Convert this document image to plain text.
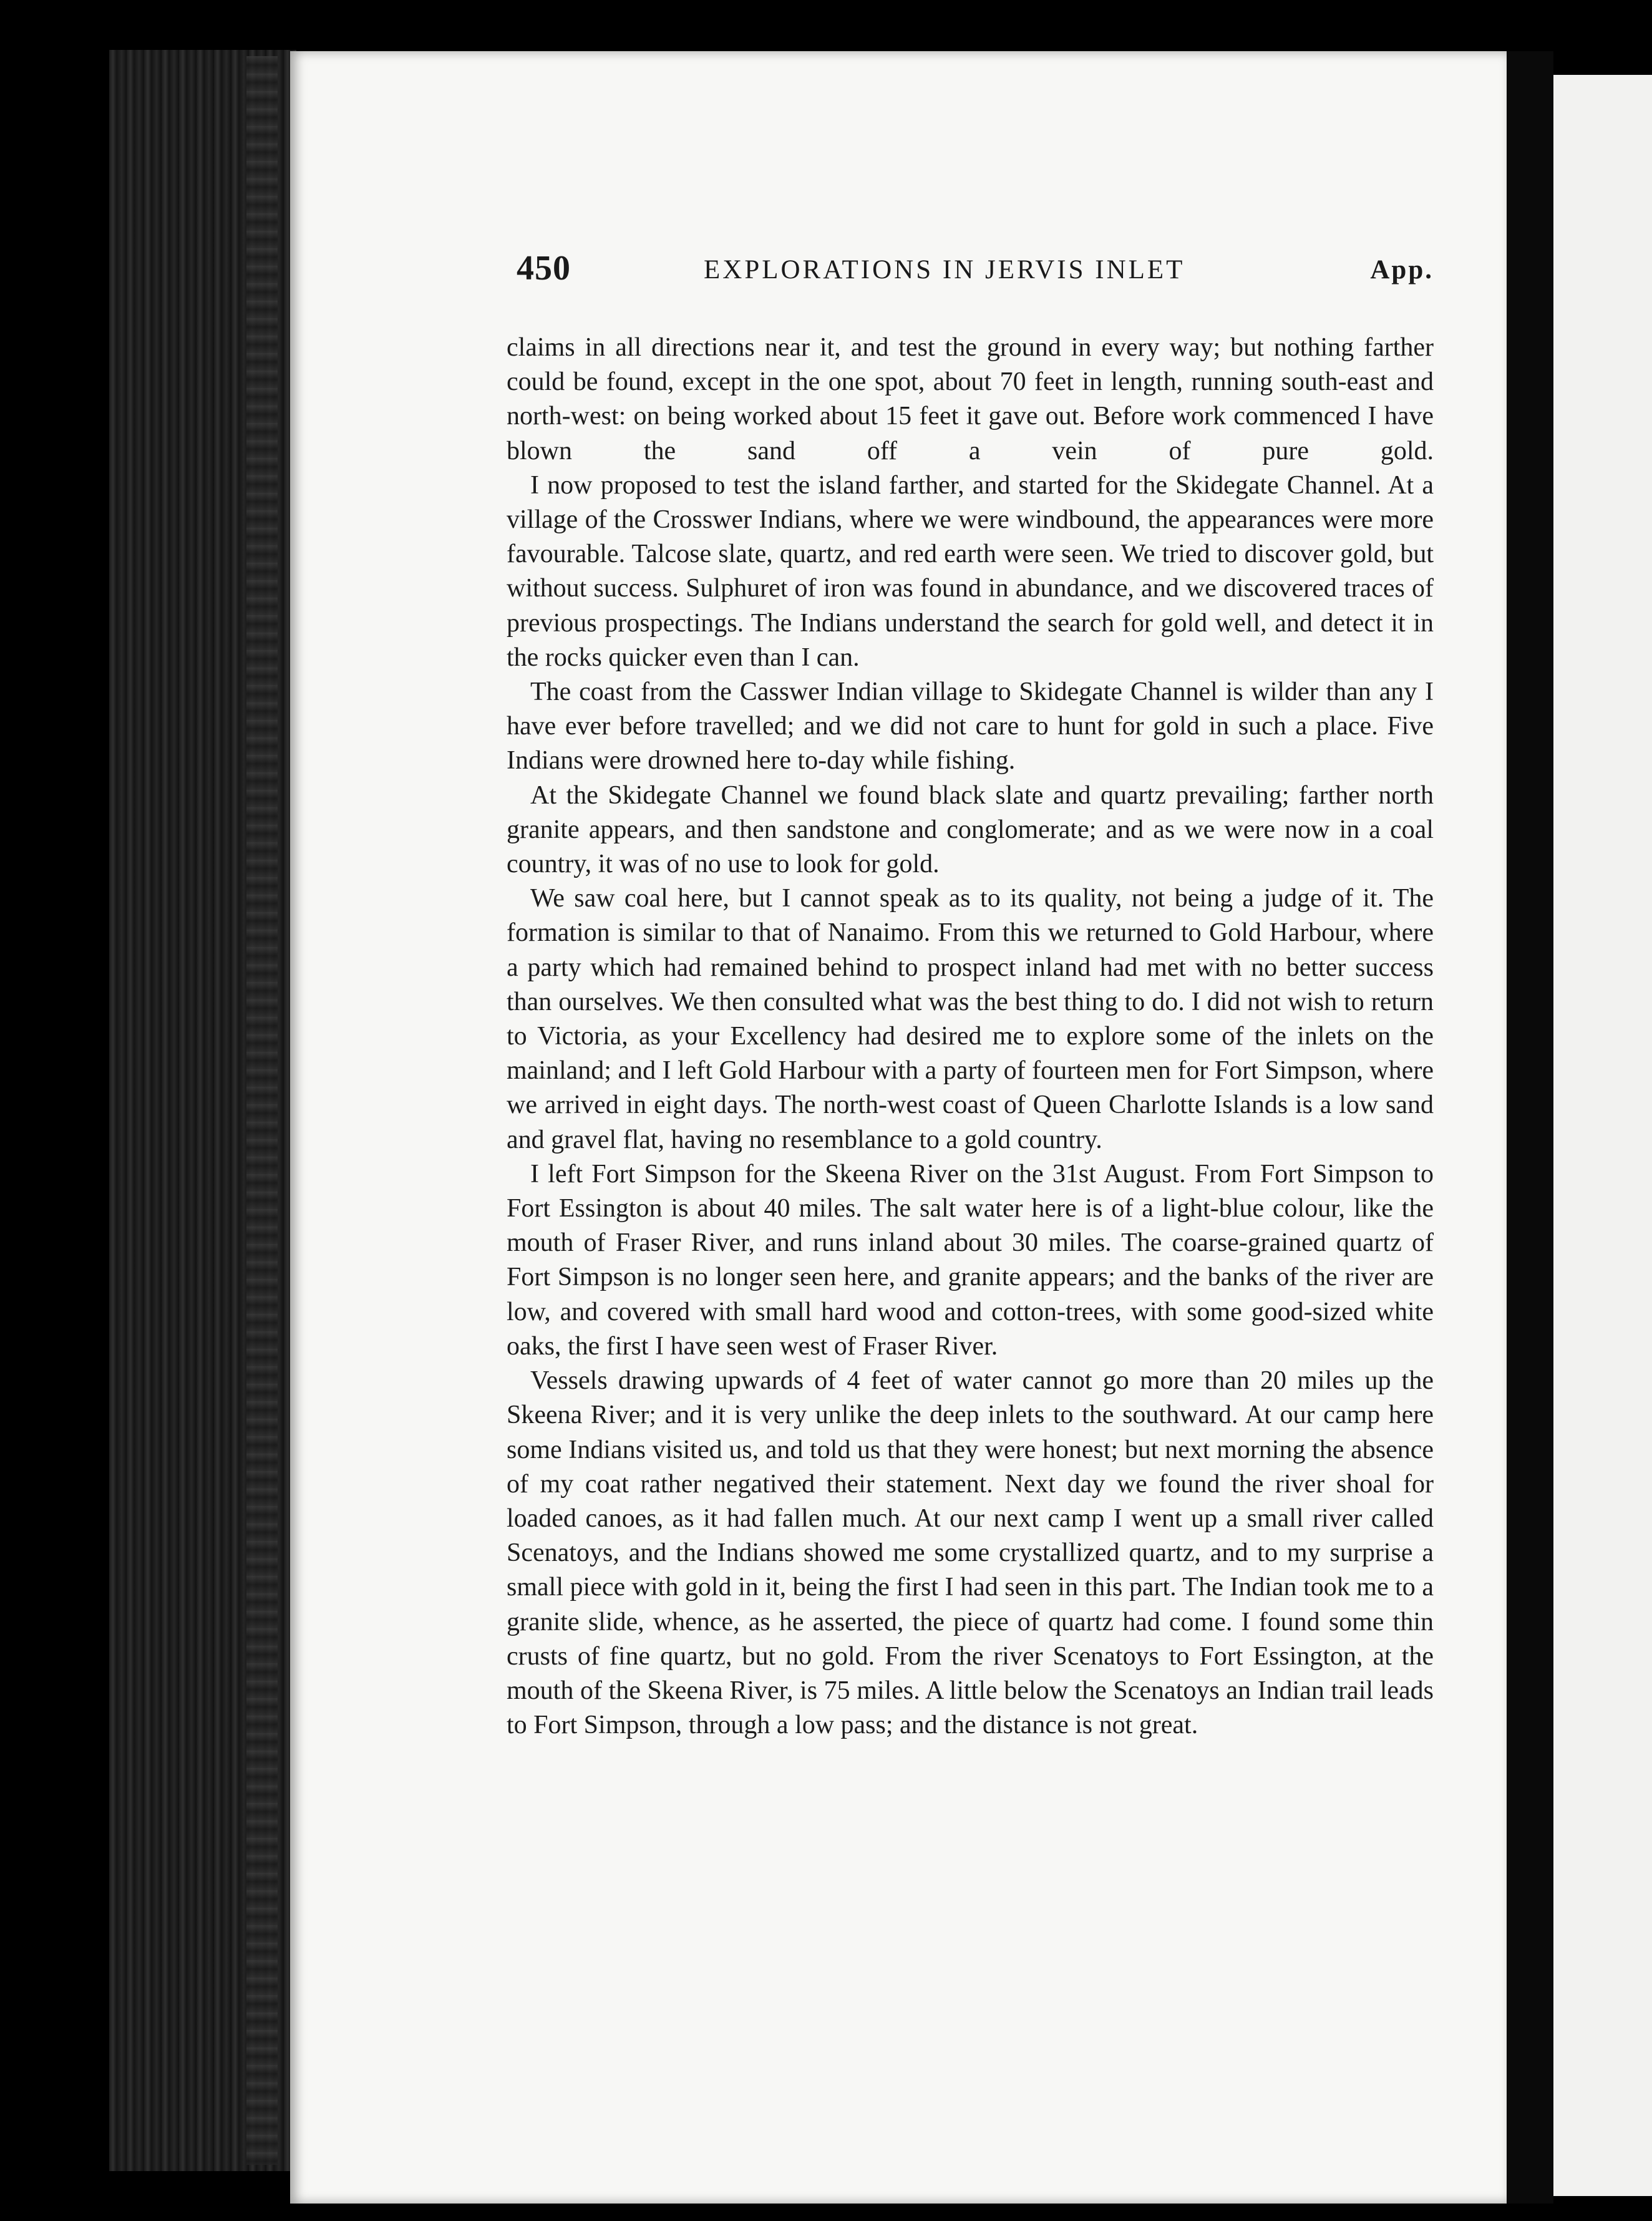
450	EXPLORATIONS IN JERVIS INLET	App.

claims in all directions near it, and test the ground in every way; but nothing farther could be found, except in the one spot, about 70 feet in length, running south-east and north-west: on being worked about 15 feet it gave out. Before work commenced I have blown the sand off a vein of pure gold.

I now proposed to test the island farther, and started for the Skidegate Channel. At a village of the Crosswer Indians, where we were windbound, the appearances were more favourable. Talcose slate, quartz, and red earth were seen. We tried to discover gold, but without success. Sulphuret of iron was found in abundance, and we discovered traces of previous prospectings. The Indians understand the search for gold well, and detect it in the rocks quicker even than I can.

The coast from the Casswer Indian village to Skidegate Channel is wilder than any I have ever before travelled; and we did not care to hunt for gold in such a place. Five Indians were drowned here to-day while fishing.

At the Skidegate Channel we found black slate and quartz prevailing; farther north granite appears, and then sandstone and conglomerate; and as we were now in a coal country, it was of no use to look for gold.

We saw coal here, but I cannot speak as to its quality, not being a judge of it. The formation is similar to that of Nanaimo. From this we returned to Gold Harbour, where a party which had remained behind to prospect inland had met with no better success than ourselves. We then consulted what was the best thing to do. I did not wish to return to Victoria, as your Excellency had desired me to explore some of the inlets on the mainland; and I left Gold Harbour with a party of fourteen men for Fort Simpson, where we arrived in eight days. The north-west coast of Queen Charlotte Islands is a low sand and gravel flat, having no resemblance to a gold country.

I left Fort Simpson for the Skeena River on the 31st August. From Fort Simpson to Fort Essington is about 40 miles. The salt water here is of a light-blue colour, like the mouth of Fraser River, and runs inland about 30 miles. The coarse-grained quartz of Fort Simpson is no longer seen here, and granite appears; and the banks of the river are low, and covered with small hard wood and cotton-trees, with some good-sized white oaks, the first I have seen west of Fraser River.

Vessels drawing upwards of 4 feet of water cannot go more than 20 miles up the Skeena River; and it is very unlike the deep inlets to the southward. At our camp here some Indians visited us, and told us that they were honest; but next morning the absence of my coat rather negatived their statement. Next day we found the river shoal for loaded canoes, as it had fallen much. At our next camp I went up a small river called Scenatoys, and the Indians showed me some crystallized quartz, and to my surprise a small piece with gold in it, being the first I had seen in this part. The Indian took me to a granite slide, whence, as he asserted, the piece of quartz had come. I found some thin crusts of fine quartz, but no gold. From the river Scenatoys to Fort Essington, at the mouth of the Skeena River, is 75 miles. A little below the Scenatoys an Indian trail leads to Fort Simpson, through a low pass; and the distance is not great.
